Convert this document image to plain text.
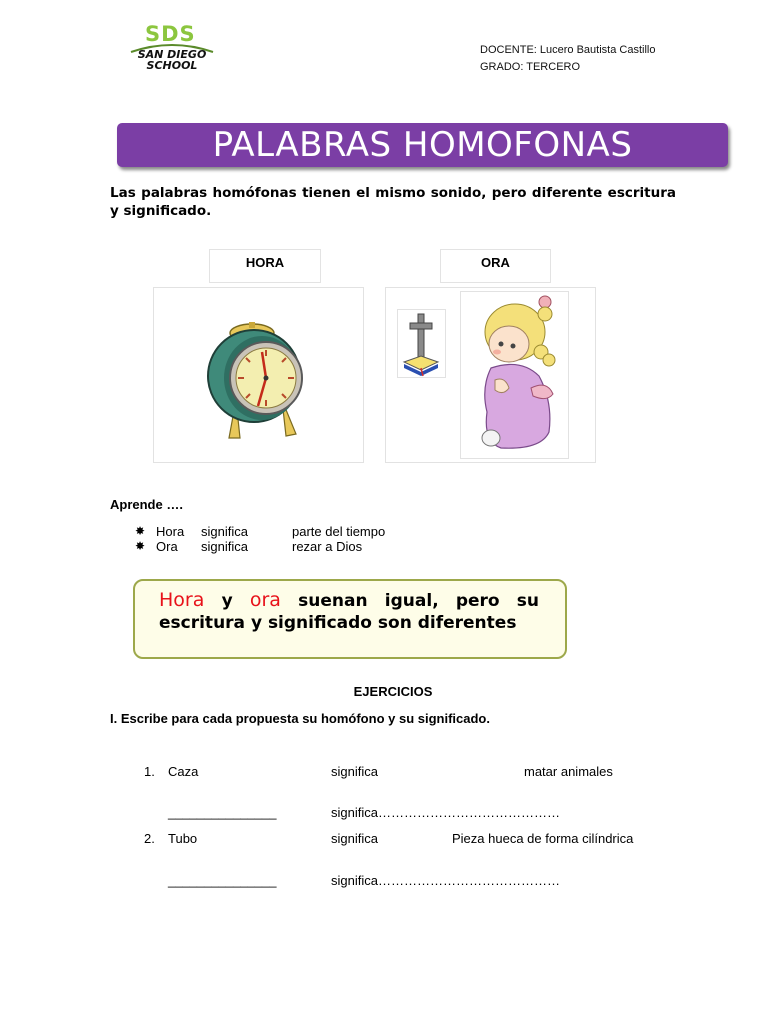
SDS
SAN DIEGO SCHOOL
DOCENTE: Lucero Bautista Castillo
GRADO: TERCERO
PALABRAS HOMOFONAS
Las palabras homófonas tienen el mismo sonido, pero diferente escritura y significado.
HORA	ORA
Aprende ….
✸ Hora significa	parte del tiempo
✸ Ora significa	rezar a Dios
Hora y ora suenan igual, pero su escritura y significado son diferentes
EJERCICIOS
I. Escribe para cada propuesta su homófono y su significado.
1. Caza	significa	matar animales
_______________	significa……………………………………
2. Tubo	significa	Pieza hueca de forma cilíndrica
_______________	significa……………………………………
